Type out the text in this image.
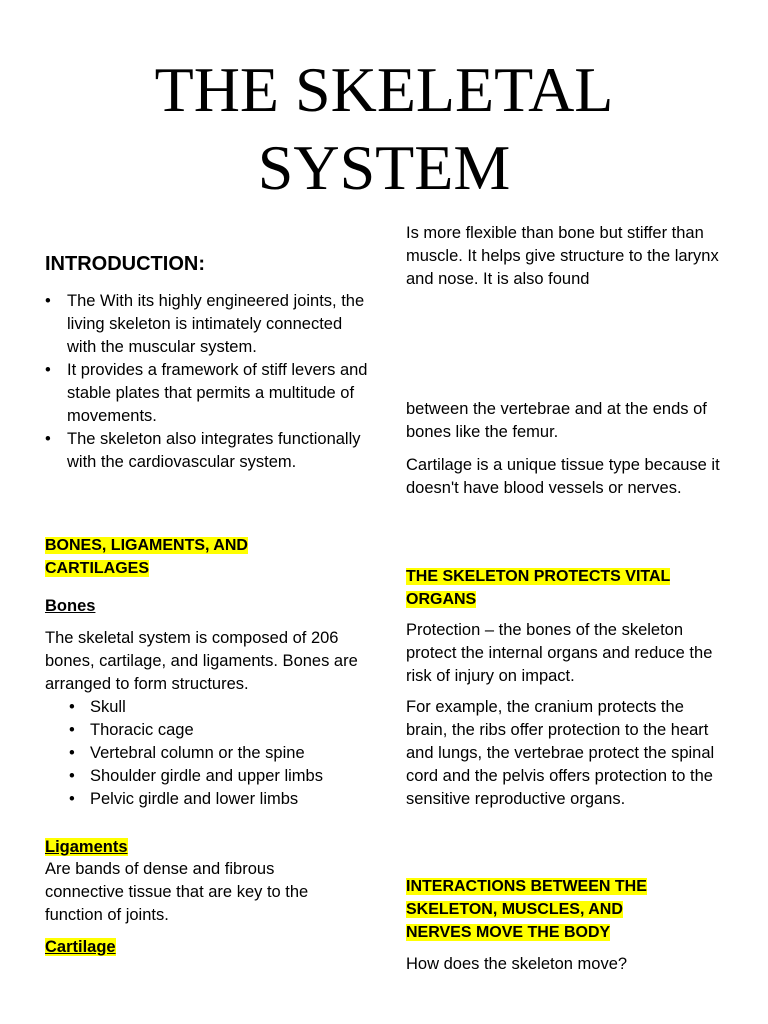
THE SKELETAL
SYSTEM
INTRODUCTION:
• The With its highly engineered joints, the living skeleton is intimately connected with the muscular system.
• It provides a framework of stiff levers and stable plates that permits a multitude of movements.
• The skeleton also integrates functionally with the cardiovascular system.
BONES, LIGAMENTS, AND
CARTILAGES
Bones
The skeletal system is composed of 206 bones, cartilage, and ligaments. Bones are arranged to form structures.
• Skull
• Thoracic cage
• Vertebral column or the spine
• Shoulder girdle and upper limbs
• Pelvic girdle and lower limbs
Ligaments
Are bands of dense and fibrous connective tissue that are key to the function of joints.
Cartilage
Is more flexible than bone but stiffer than muscle. It helps give structure to the larynx and nose. It is also found
between the vertebrae and at the ends of bones like the femur.
Cartilage is a unique tissue type because it doesn't have blood vessels or nerves.
THE SKELETON PROTECTS VITAL
ORGANS
Protection – the bones of the skeleton protect the internal organs and reduce the risk of injury on impact.
For example, the cranium protects the brain, the ribs offer protection to the heart and lungs, the vertebrae protect the spinal cord and the pelvis offers protection to the sensitive reproductive organs.
INTERACTIONS BETWEEN THE
SKELETON, MUSCLES, AND
NERVES MOVE THE BODY
How does the skeleton move?
